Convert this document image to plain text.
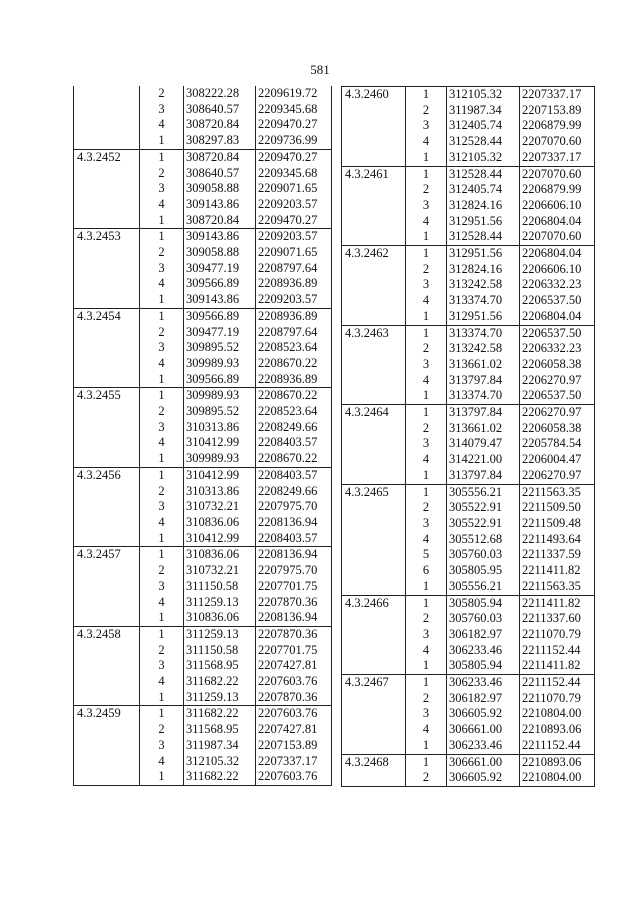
581
	2	308222.28	2209619.72
	3	308640.57	2209345.68
	4	308720.84	2209470.27
	1	308297.83	2209736.99
4.3.2452	1	308720.84	2209470.27
	2	308640.57	2209345.68
	3	309058.88	2209071.65
	4	309143.86	2209203.57
	1	308720.84	2209470.27
4.3.2453	1	309143.86	2209203.57
	2	309058.88	2209071.65
	3	309477.19	2208797.64
	4	309566.89	2208936.89
	1	309143.86	2209203.57
4.3.2454	1	309566.89	2208936.89
	2	309477.19	2208797.64
	3	309895.52	2208523.64
	4	309989.93	2208670.22
	1	309566.89	2208936.89
4.3.2455	1	309989.93	2208670.22
	2	309895.52	2208523.64
	3	310313.86	2208249.66
	4	310412.99	2208403.57
	1	309989.93	2208670.22
4.3.2456	1	310412.99	2208403.57
	2	310313.86	2208249.66
	3	310732.21	2207975.70
	4	310836.06	2208136.94
	1	310412.99	2208403.57
4.3.2457	1	310836.06	2208136.94
	2	310732.21	2207975.70
	3	311150.58	2207701.75
	4	311259.13	2207870.36
	1	310836.06	2208136.94
4.3.2458	1	311259.13	2207870.36
	2	311150.58	2207701.75
	3	311568.95	2207427.81
	4	311682.22	2207603.76
	1	311259.13	2207870.36
4.3.2459	1	311682.22	2207603.76
	2	311568.95	2207427.81
	3	311987.34	2207153.89
	4	312105.32	2207337.17
	1	311682.22	2207603.76
4.3.2460	1	312105.32	2207337.17
	2	311987.34	2207153.89
	3	312405.74	2206879.99
	4	312528.44	2207070.60
	1	312105.32	2207337.17
4.3.2461	1	312528.44	2207070.60
	2	312405.74	2206879.99
	3	312824.16	2206606.10
	4	312951.56	2206804.04
	1	312528.44	2207070.60
4.3.2462	1	312951.56	2206804.04
	2	312824.16	2206606.10
	3	313242.58	2206332.23
	4	313374.70	2206537.50
	1	312951.56	2206804.04
4.3.2463	1	313374.70	2206537.50
	2	313242.58	2206332.23
	3	313661.02	2206058.38
	4	313797.84	2206270.97
	1	313374.70	2206537.50
4.3.2464	1	313797.84	2206270.97
	2	313661.02	2206058.38
	3	314079.47	2205784.54
	4	314221.00	2206004.47
	1	313797.84	2206270.97
4.3.2465	1	305556.21	2211563.35
	2	305522.91	2211509.50
	3	305522.91	2211509.48
	4	305512.68	2211493.64
	5	305760.03	2211337.59
	6	305805.95	2211411.82
	1	305556.21	2211563.35
4.3.2466	1	305805.94	2211411.82
	2	305760.03	2211337.60
	3	306182.97	2211070.79
	4	306233.46	2211152.44
	1	305805.94	2211411.82
4.3.2467	1	306233.46	2211152.44
	2	306182.97	2211070.79
	3	306605.92	2210804.00
	4	306661.00	2210893.06
	1	306233.46	2211152.44
4.3.2468	1	306661.00	2210893.06
	2	306605.92	2210804.00
